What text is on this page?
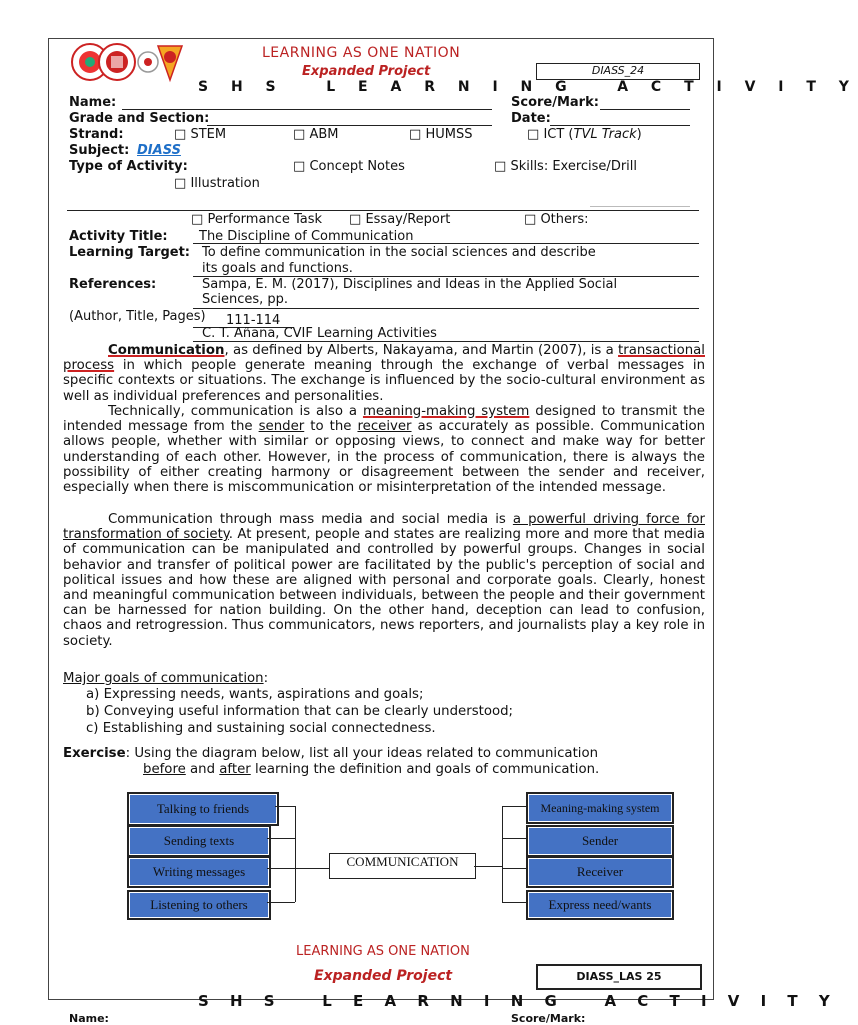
LEARNING AS ONE NATION
Expanded Project	DIASS_24
S H S   L E A R N I N G   A C T I V I T Y
Name:	Score/Mark:
Grade and Section:	Date:
Strand:	□ STEM	□ ABM	□ HUMSS	□ ICT (TVL Track)
Subject: DIASS
Type of Activity:	□ Concept Notes	□ Skills: Exercise/Drill
□ Illustration
□ Performance Task □ Essay/Report	□ Others:
Activity Title: The Discipline of Communication
Learning Target: To define communication in the social sciences and describe
its goals and functions.
References:	Sampa, E. M. (2017), Disciplines and Ideas in the Applied Social
Sciences, pp.
(Author, Title, Pages) 111-114
C. T. Añana, CVIF Learning Activities
Communication, as defined by Alberts, Nakayama, and Martin (2007), is a transactional process in which people generate meaning through the exchange of verbal messages in specific contexts or situations. The exchange is influenced by the socio-cultural environment as well as individual preferences and personalities.
Technically, communication is also a meaning-making system designed to transmit the intended message from the sender to the receiver as accurately as possible. Communication allows people, whether with similar or opposing views, to connect and make way for better understanding of each other. However, in the process of communication, there is always the possibility of either creating harmony or disagreement between the sender and receiver, especially when there is miscommunication or misinterpretation of the intended message.
Communication through mass media and social media is a powerful driving force for transformation of society. At present, people and states are realizing more and more that media of communication can be manipulated and controlled by powerful groups. Changes in social behavior and transfer of political power are facilitated by the public's perception of social and political issues and how these are aligned with personal and corporate goals. Clearly, honest and meaningful communication between individuals, between the people and their government can be harnessed for nation building. On the other hand, deception can lead to confusion, chaos and retrogression. Thus communicators, news reporters, and journalists play a key role in society.
Major goals of communication:
a) Expressing needs, wants, aspirations and goals;
b) Conveying useful information that can be clearly understood;
c) Establishing and sustaining social connectedness.
Exercise: Using the diagram below, list all your ideas related to communication
before and after learning the definition and goals of communication.
Talking to friends
Sending texts
Writing messages
Listening to others
COMMUNICATION
Meaning-making system
Sender
Receiver
Express need/wants
LEARNING AS ONE NATION
Expanded Project	DIASS_LAS 25
S H S   L E A R N I N G   A C T I V I T Y
Name:	Score/Mark:
